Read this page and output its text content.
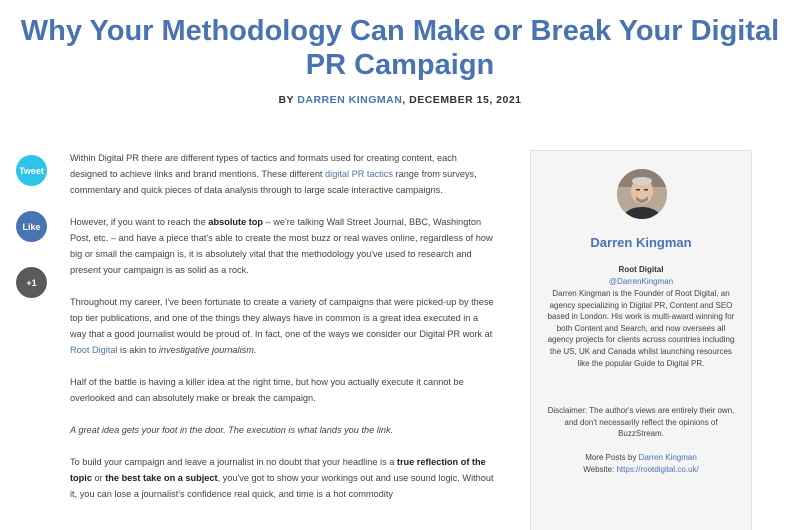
Why Your Methodology Can Make or Break Your Digital PR Campaign
BY DARREN KINGMAN, DECEMBER 15, 2021
Tweet
Like
+1

Within Digital PR there are different types of tactics and formats used for creating content, each designed to achieve links and brand mentions. These different digital PR tactics range from surveys, commentary and quick pieces of data analysis through to large scale interactive campaigns.

However, if you want to reach the absolute top – we're talking Wall Street Journal, BBC, Washington Post, etc. – and have a piece that's able to create the most buzz or real waves online, regardless of how big or small the campaign is, it is absolutely vital that the methodology you've used to research and present your campaign is as solid as a rock.

Throughout my career, I've been fortunate to create a variety of campaigns that were picked-up by these top tier publications, and one of the things they always have in common is a great idea executed in a way that a good journalist would be proud of. In fact, one of the ways we consider our Digital PR work at Root Digital is akin to investigative journalism.

Half of the battle is having a killer idea at the right time, but how you actually execute it cannot be overlooked and can absolutely make or break the campaign.

A great idea gets your foot in the door. The execution is what lands you the link.

To build your campaign and leave a journalist in no doubt that your headline is a true reflection of the topic or the best take on a subject, you've got to show your workings out and use sound logic. Without it, you can lose a journalist's confidence real quick, and time is a hot commodity

Darren Kingman
Root Digital
@DarrenKingman
Darren Kingman is the Founder of Root Digital, an agency specializing in Digital PR, Content and SEO based in London. His work is multi-award winning for both Content and Search, and now oversees all agency projects for clients across countries including the US, UK and Canada whilst launching resources like the popular Guide to Digital PR.
Disclaimer: The author's views are entirely their own, and don't necessarily reflect the opinions of BuzzStream.
More Posts by Darren Kingman
Website: https://rootdigital.co.uk/
